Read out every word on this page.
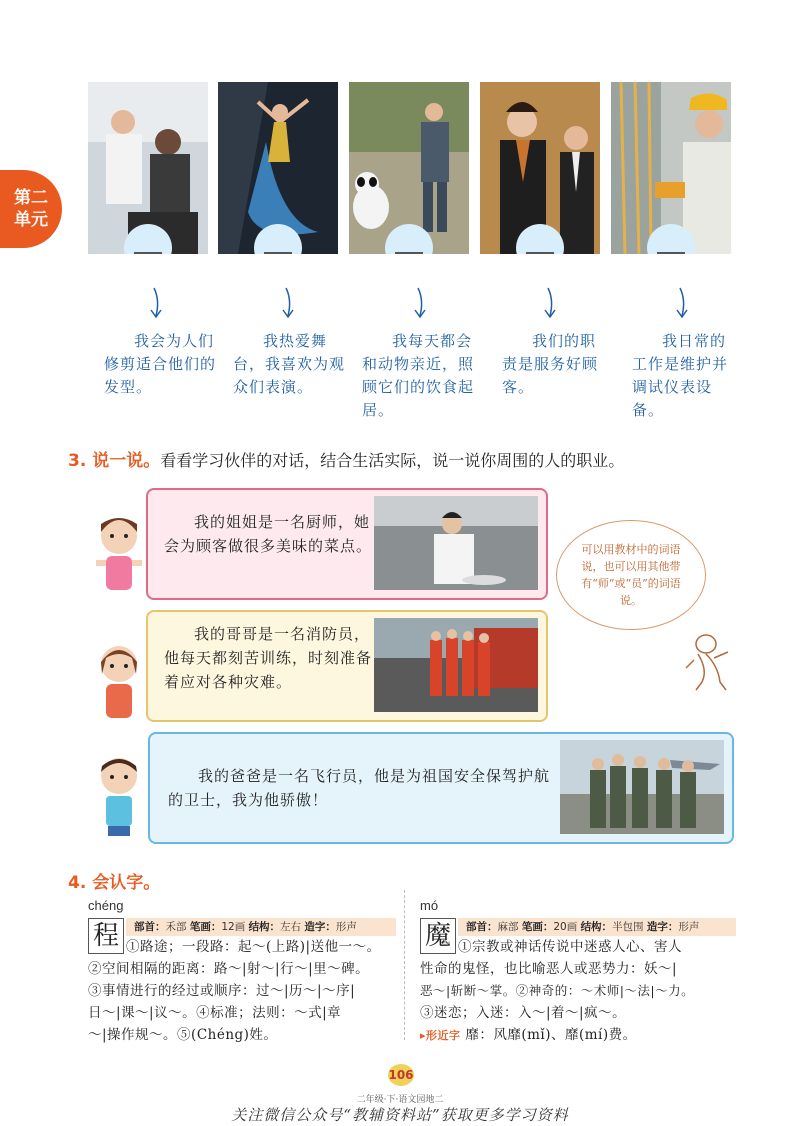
第二
单元
我会为人们修剪适合他们的发型。
我热爱舞台，我喜欢为观众们表演。
我每天都会和动物亲近，照顾它们的饮食起居。
我们的职责是服务好顾客。
我日常的工作是维护并调试仪表设备。
3. 说一说。看看学习伙伴的对话，结合生活实际，说一说你周围的人的职业。
我的姐姐是一名厨师，她会为顾客做很多美味的菜点。
我的哥哥是一名消防员，他每天都刻苦训练，时刻准备着应对各种灾难。
我的爸爸是一名飞行员，他是为祖国安全保驾护航的卫士，我为他骄傲！
可以用教材中的词语说，也可以用其他带有“师”或“员”的词语说。
4. 会认字。
chéng
程	部首：禾部 笔画：12画 结构：左右 造字：形声
①路途；一段路：起～(上路)|送他一～。
②空间相隔的距离：路～|射～|行～|里～碑。
③事情进行的经过或顺序：过～|历～|～序|
日～|课～|议～。④标准；法则：～式|章
～|操作规～。⑤(Chéng)姓。
mó
魔	部首：麻部 笔画：20画 结构：半包围 造字：形声
①宗教或神话传说中迷惑人心、害人
性命的鬼怪，也比喻恶人或恶势力：妖～|
恶～|斩断～掌。②神奇的：～术师|～法|～力。
③迷恋；入迷：入～|着～|疯～。
▸形近字 靡：风靡(mǐ)、靡(mí)费。
106
二年级·下·语文园地二
关注微信公众号“教辅资料站”获取更多学习资料
